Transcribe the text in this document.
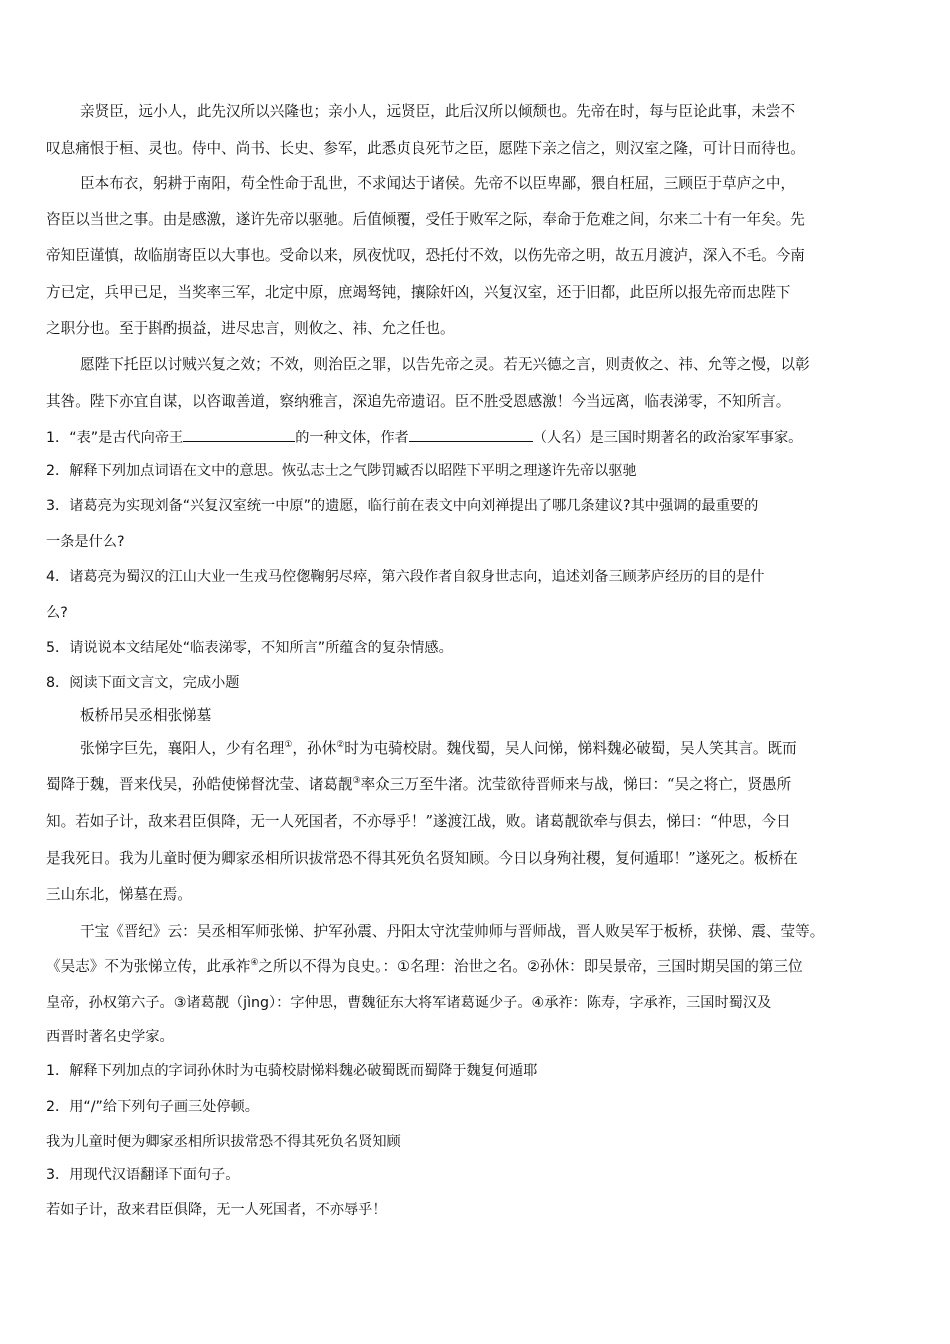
亲贤臣，远小人，此先汉所以兴隆也；亲小人，远贤臣，此后汉所以倾颓也。先帝在时，每与臣论此事，未尝不
叹息痛恨于桓、灵也。侍中、尚书、长史、参军，此悉贞良死节之臣，愿陛下亲之信之，则汉室之隆，可计日而待也。
臣本布衣，躬耕于南阳，苟全性命于乱世，不求闻达于诸侯。先帝不以臣卑鄙，猥自枉屈，三顾臣于草庐之中，
咨臣以当世之事。由是感激，遂许先帝以驱驰。后值倾覆，受任于败军之际，奉命于危难之间，尔来二十有一年矣。先
帝知臣谨慎，故临崩寄臣以大事也。受命以来，夙夜忧叹，恐托付不效，以伤先帝之明，故五月渡泸，深入不毛。今南
方已定，兵甲已足，当奖率三军，北定中原，庶竭驽钝，攘除奸凶，兴复汉室，还于旧都，此臣所以报先帝而忠陛下
之职分也。至于斟酌损益，进尽忠言，则攸之、祎、允之任也。
愿陛下托臣以讨贼兴复之效；不效，则治臣之罪，以告先帝之灵。若无兴德之言，则责攸之、祎、允等之慢，以彰
其咎。陛下亦宜自谋，以咨诹善道，察纳雅言，深追先帝遗诏。臣不胜受恩感激！今当远离，临表涕零，不知所言。
1．“表”是古代向帝王	的一种文体，作者	（人名）是三国时期著名的政治家军事家。
2．解释下列加点词语在文中的意思。恢弘志士之气陟罚臧否以昭陛下平明之理遂许先帝以驱驰
3．诸葛亮为实现刘备“兴复汉室统一中原”的遗愿，临行前在表文中向刘禅提出了哪几条建议?其中强调的最重要的
一条是什么?
4．诸葛亮为蜀汉的江山大业一生戎马倥偬鞠躬尽瘁，第六段作者自叙身世志向，追述刘备三顾茅庐经历的目的是什
么?
5．请说说本文结尾处“临表涕零，不知所言”所蕴含的复杂情感。
8．阅读下面文言文，完成小题
板桥吊吴丞相张悌墓
张悌字巨先，襄阳人，少有名理①，孙休②时为屯骑校尉。魏伐蜀，吴人问悌，悌料魏必破蜀，吴人笑其言。既而
蜀降于魏，晋来伐吴，孙皓使悌督沈莹、诸葛靓③率众三万至牛渚。沈莹欲待晋师来与战，悌曰：“吴之将亡，贤愚所
知。若如子计，敌来君臣俱降，无一人死国者，不亦辱乎！”遂渡江战，败。诸葛靓欲牵与俱去，悌曰：“仲思，今日
是我死日。我为儿童时便为卿家丞相所识拔常恐不得其死负名贤知顾。今日以身殉社稷，复何遁耶！”遂死之。板桥在
三山东北，悌墓在焉。
干宝《晋纪》云：吴丞相军师张悌、护军孙震、丹阳太守沈莹帅师与晋师战，晋人败吴军于板桥，获悌、震、莹等。
《吴志》不为张悌立传，此承祚④之所以不得为良史。：①名理：治世之名。②孙休：即吴景帝，三国时期吴国的第三位
皇帝，孙权第六子。③诸葛靓（jìng）：字仲思，曹魏征东大将军诸葛诞少子。④承祚：陈寿，字承祚，三国时蜀汉及
西晋时著名史学家。
1．解释下列加点的字词孙休时为屯骑校尉悌料魏必破蜀既而蜀降于魏复何遁耶
2．用“/”给下列句子画三处停顿。
我为儿童时便为卿家丞相所识拔常恐不得其死负名贤知顾
3．用现代汉语翻译下面句子。
若如子计，敌来君臣俱降，无一人死国者，不亦辱乎！
